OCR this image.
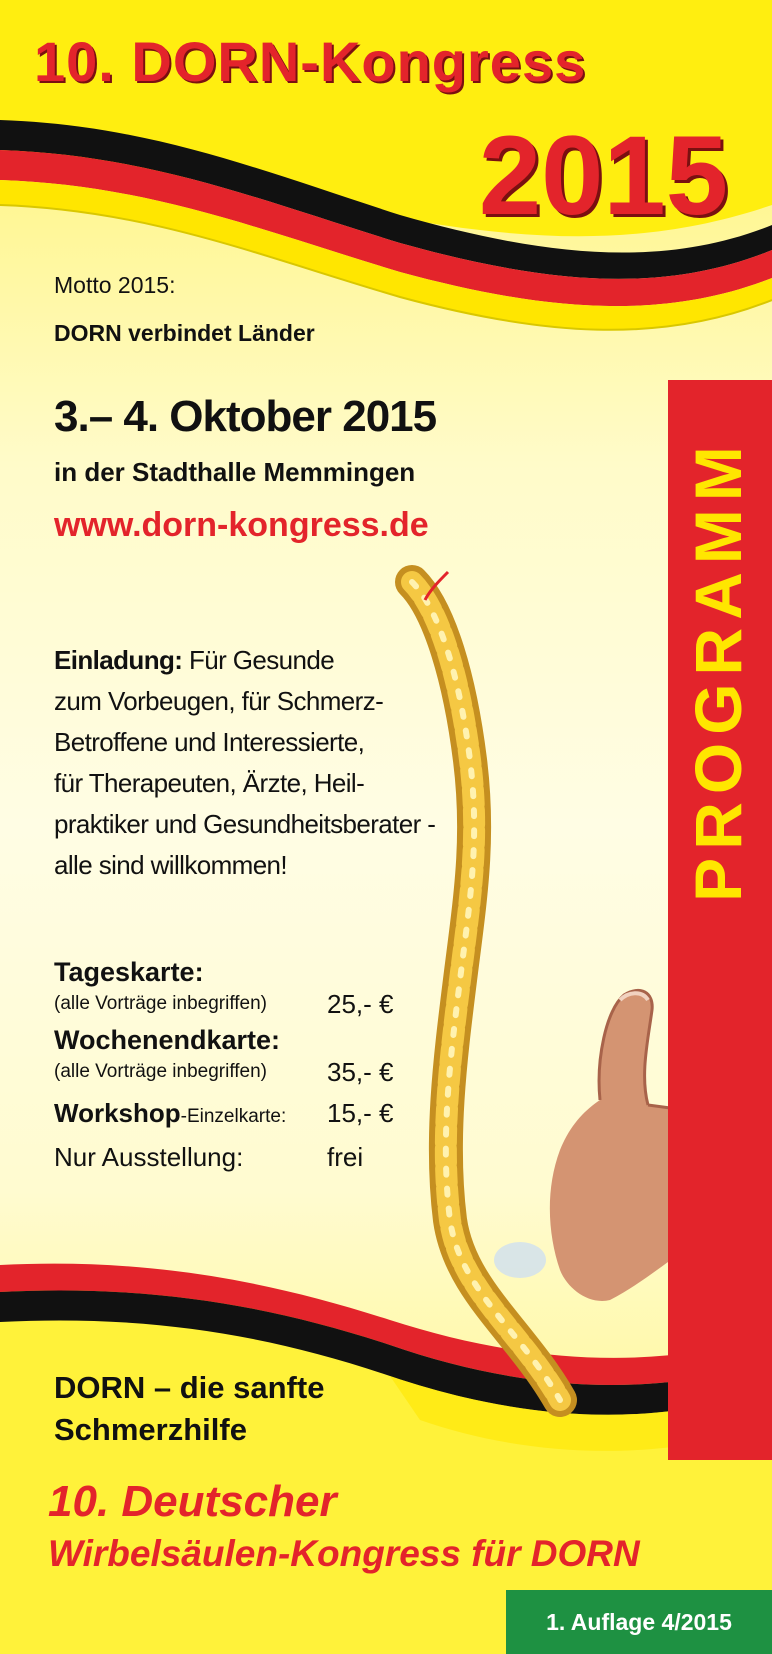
PROGRAMM
10. DORN-Kongress
2015

Motto 2015:

DORN verbindet Länder

3.– 4. Oktober 2015

in der Stadthalle Memmingen

www.dorn-kongress.de

Einladung: Für Gesunde
zum Vorbeugen, für Schmerz-
Betroffene und Interessierte,
für Therapeuten, Ärzte, Heil-
praktiker und Gesundheitsberater -
alle sind willkommen!
Tageskarte:
(alle Vorträge inbegriffen) 25,- €
Wochenendkarte:
(alle Vorträge inbegriffen) 35,- €
Workshop-Einzelkarte: 15,- €
Nur Ausstellung:	frei

DORN – die sanfte

Schmerzhilfe

10. Deutscher

Wirbelsäulen-Kongress für DORN

1. Auflage 4/2015
